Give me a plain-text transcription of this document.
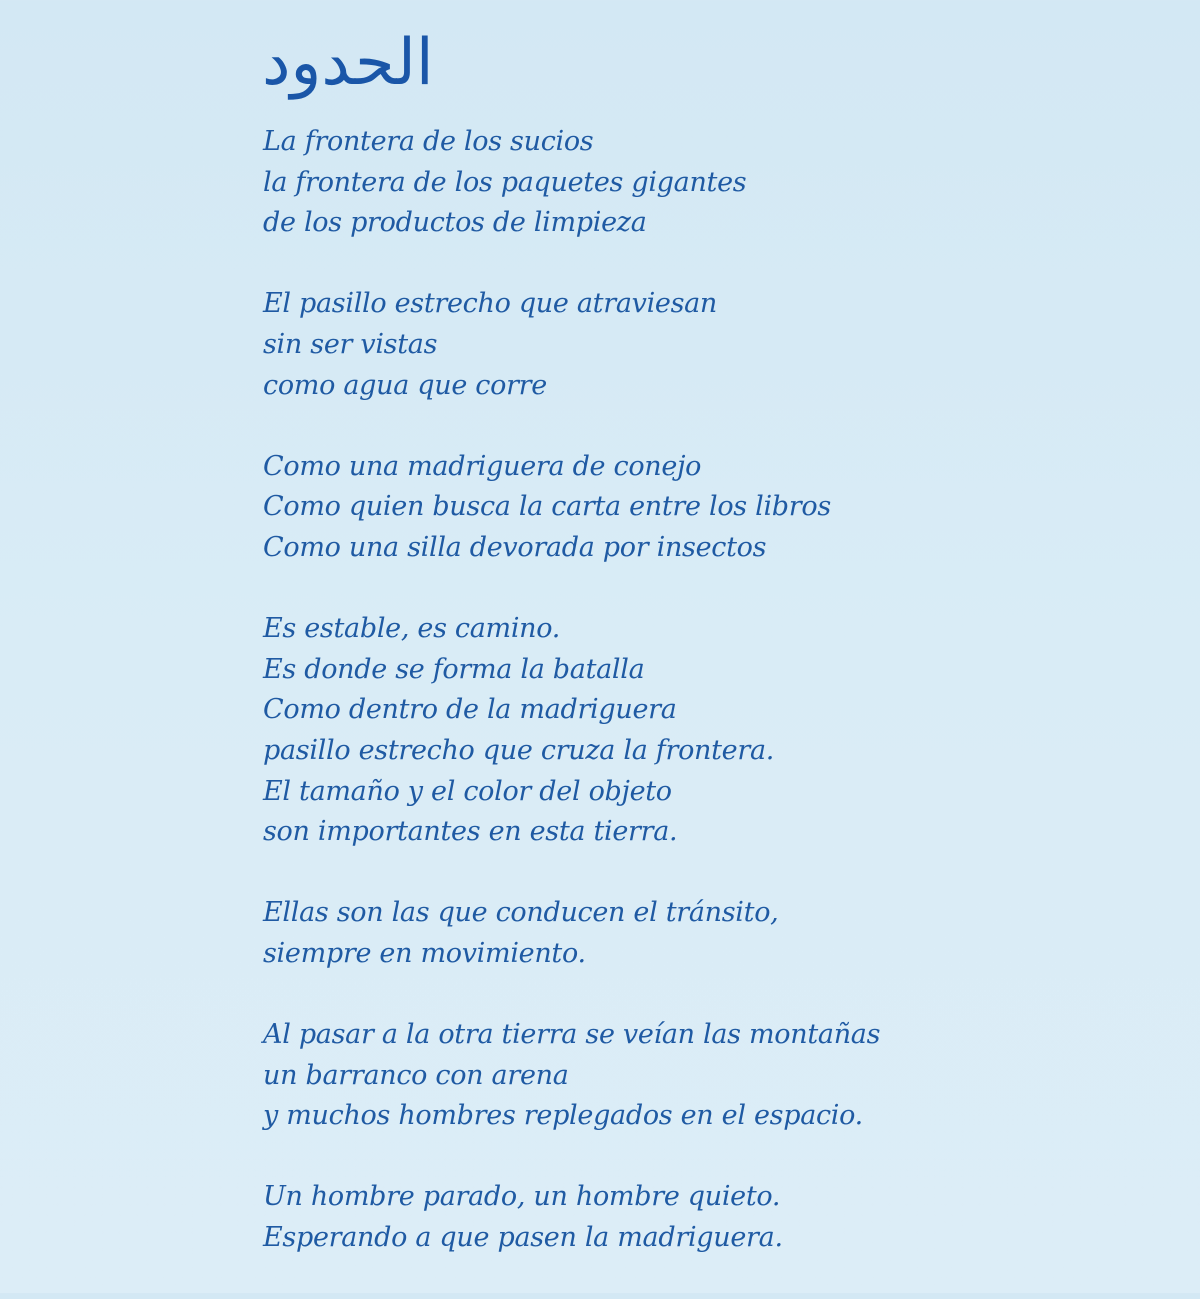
الحدود
La frontera de los sucios
la frontera de los paquetes gigantes
de los productos de limpieza
El pasillo estrecho que atraviesan
sin ser vistas
como agua que corre
Como una madriguera de conejo
Como quien busca la carta entre los libros
Como una silla devorada por insectos
Es estable, es camino.
Es donde se forma la batalla
Como dentro de la madriguera
pasillo estrecho que cruza la frontera.
El tamaño y el color del objeto
son importantes en esta tierra.
Ellas son las que conducen el tránsito,
siempre en movimiento.
Al pasar a la otra tierra se veían las montañas
un barranco con arena
y muchos hombres replegados en el espacio.
Un hombre parado, un hombre quieto.
Esperando a que pasen la madriguera.
